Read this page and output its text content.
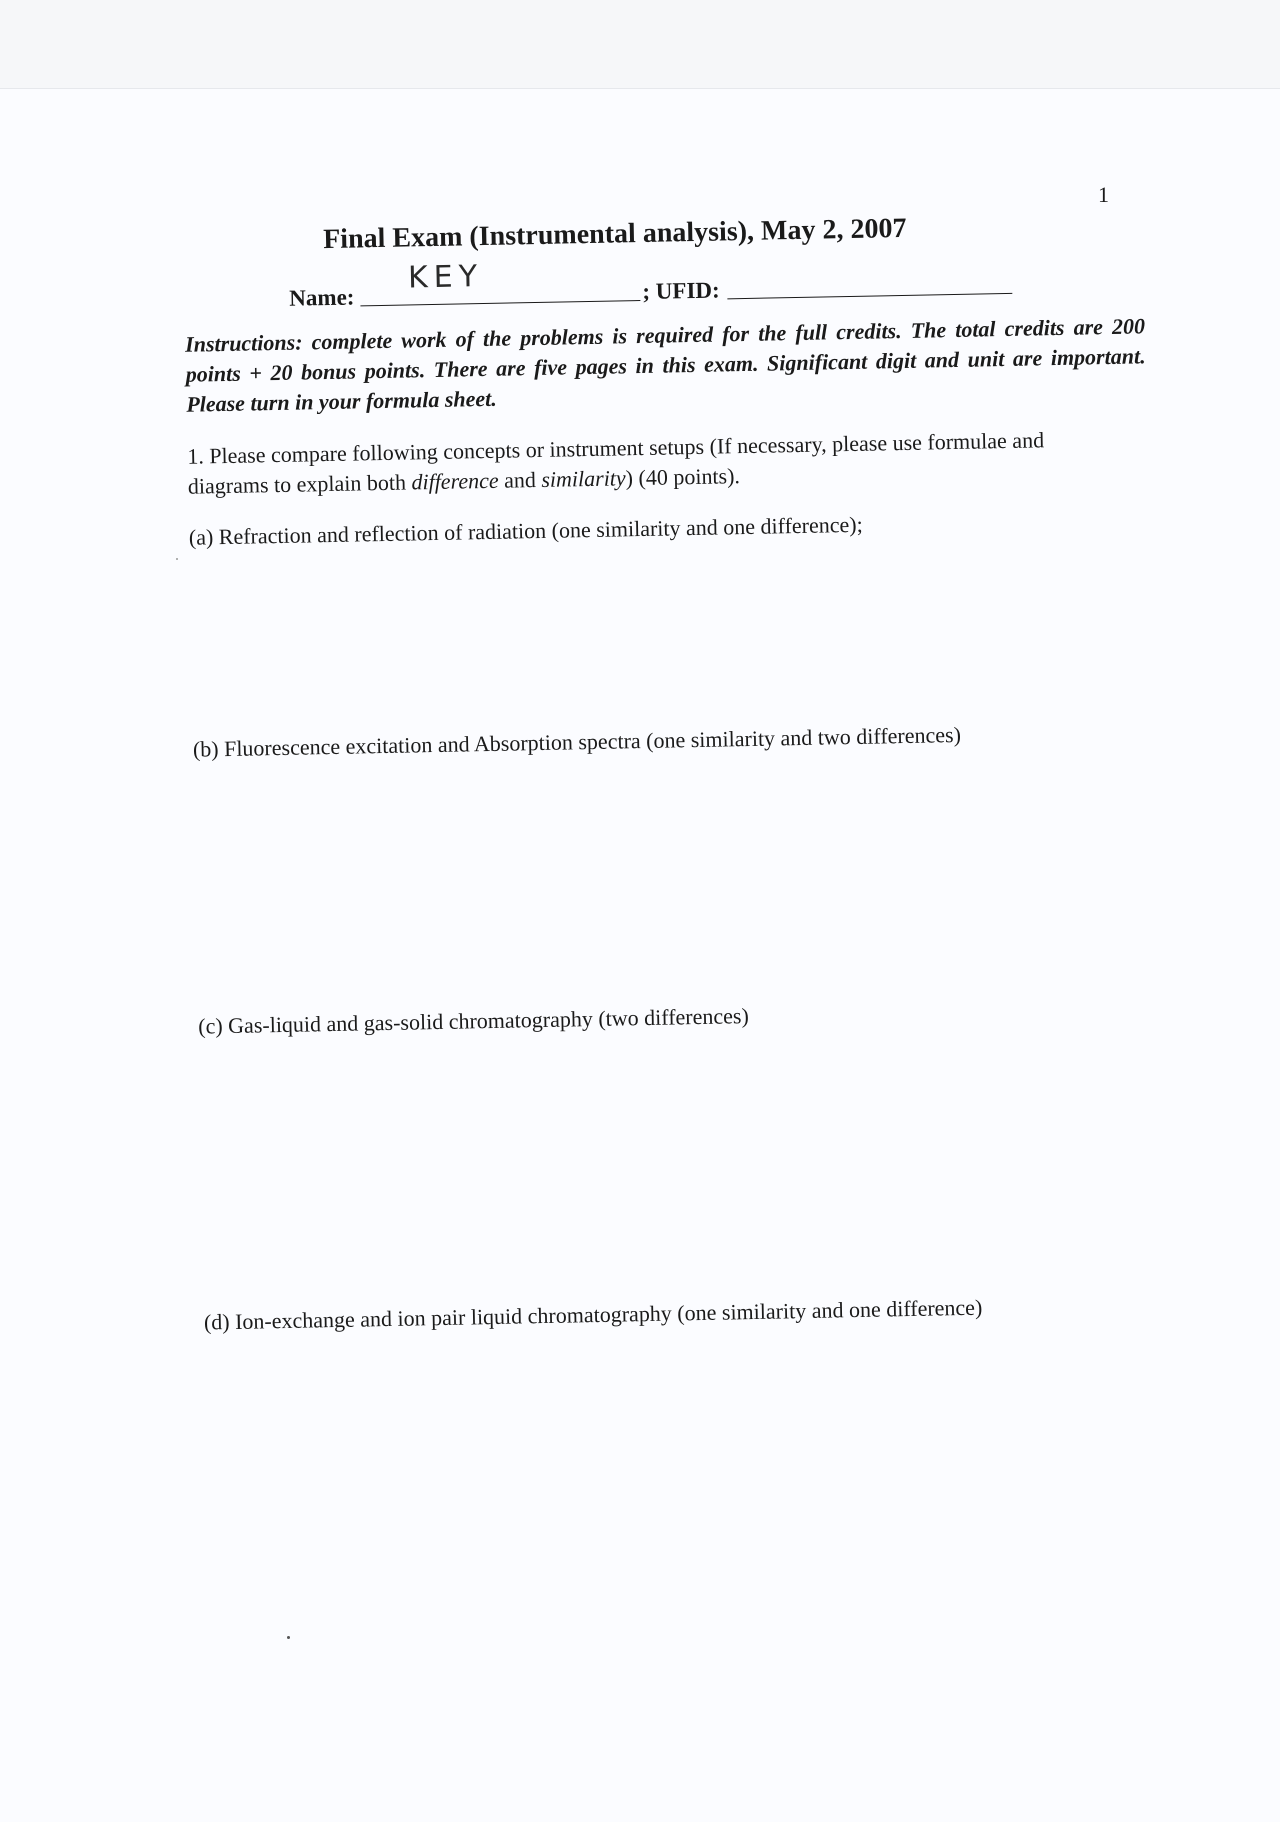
1
Final Exam (Instrumental analysis), May 2, 2007
Name:
KEY	; UFID:
Instructions: complete work of the problems is required for the full credits. The total credits are 200 points + 20 bonus points. There are five pages in this exam. Significant digit and unit are important. Please turn in your formula sheet.
1. Please compare following concepts or instrument setups (If necessary, please use formulae and diagrams to explain both difference and similarity) (40 points).
(a) Refraction and reflection of radiation (one similarity and one difference);
(b) Fluorescence excitation and Absorption spectra (one similarity and two differences)
(c) Gas-liquid and gas-solid chromatography (two differences)
(d) Ion-exchange and ion pair liquid chromatography (one similarity and one difference)
